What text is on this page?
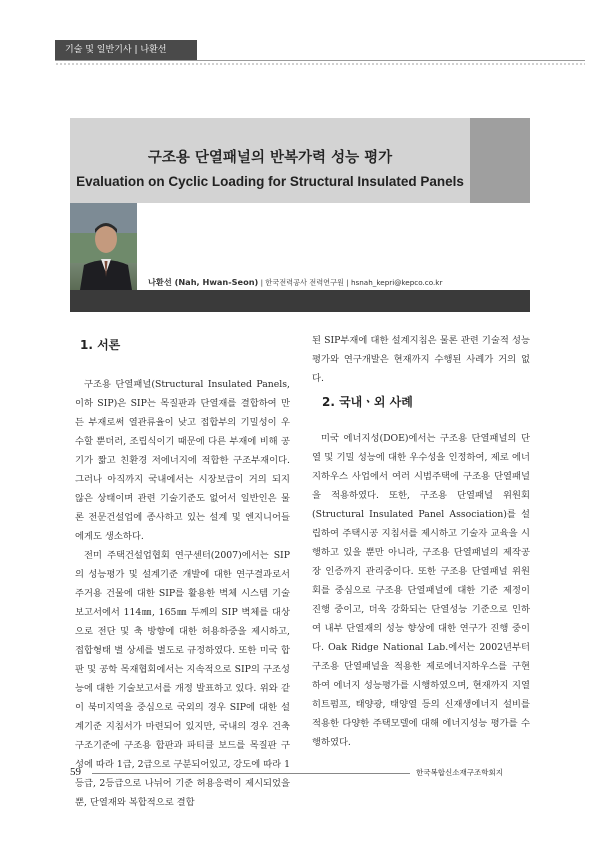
기술 및 일반기사 | 나환선
구조용 단열패널의 반복가력 성능 평가
Evaluation on Cyclic Loading for Structural Insulated Panels
나환선 (Nah, Hwan-Seon) | 한국전력공사 전력연구원 | hsnah_kepri@kepco.co.kr
1. 서론

구조용 단열패널(Structural Insulated Panels, 이하 SIP)은 SIP는 목질판과 단열재를 결합하여 만든 부재로써 열관류율이 낮고 접합부의 기밀성이 우수할 뿐더러, 조립식이기 때문에 다른 부재에 비해 공기가 짧고 친환경 저에너지에 적합한 구조부재이다. 그러나 아직까지 국내에서는 시장보급이 거의 되지 않은 상태이며 관련 기술기준도 없어서 일반인은 물론 전문건설업에 종사하고 있는 설계 및 엔지니어들에게도 생소하다.

전미 주택건설업협회 연구센터(2007)에서는 SIP의 성능평가 및 설계기준 개발에 대한 연구결과로서 주거용 건물에 대한 SIP를 활용한 벽체 시스템 기술보고서에서 114㎜, 165㎜ 두께의 SIP 벽체를 대상으로 전단 및 축 방향에 대한 허용하중을 제시하고, 접합형태 별 상세를 별도로 규정하였다. 또한 미국 합판 및 공학 목재협회에서는 지속적으로 SIP의 구조성능에 대한 기술보고서를 개정 발표하고 있다. 위와 같이 북미지역을 중심으로 국외의 경우 SIP에 대한 설계기준 지침서가 마련되어 있지만, 국내의 경우 건축구조기준에 구조용 합판과 파티클 보드를 목질판 구성에 따라 1급, 2급으로 구분되어있고, 강도에 따라 1등급, 2등급으로 나뉘어 기준 허용응력이 제시되었을 뿐, 단열재와 복합적으로 결합

된 SIP부재에 대한 설계지침은 물론 관련 기술적 성능평가와 연구개발은 현재까지 수행된 사례가 거의 없다.

2. 국내ㆍ외 사례

미국 에너지성(DOE)에서는 구조용 단열패널의 단열 및 기밀 성능에 대한 우수성을 인정하여, 제로 에너지하우스 사업에서 여러 시범주택에 구조용 단열패널을 적용하였다. 또한, 구조용 단열패널 위원회(Structural Insulated Panel Association)를 설립하여 주택시공 지침서를 제시하고 기술자 교육을 시행하고 있을 뿐만 아니라, 구조용 단열패널의 제작공장 인증까지 관리중이다. 또한 구조용 단열패널 위원회를 중심으로 구조용 단열패널에 대한 기준 제정이 진행 중이고, 더욱 강화되는 단열성능 기준으로 인하여 내부 단열재의 성능 향상에 대한 연구가 진행 중이다. Oak Ridge National Lab.에서는 2002년부터 구조용 단열패널을 적용한 제로에너지하우스를 구현하여 에너지 성능평가를 시행하였으며, 현재까지 지열 히트펌프, 태양광, 태양열 등의 신재생에너지 설비를 적용한 다양한 주택모델에 대해 에너지성능 평가를 수행하였다.

59	한국복합신소재구조학회지
